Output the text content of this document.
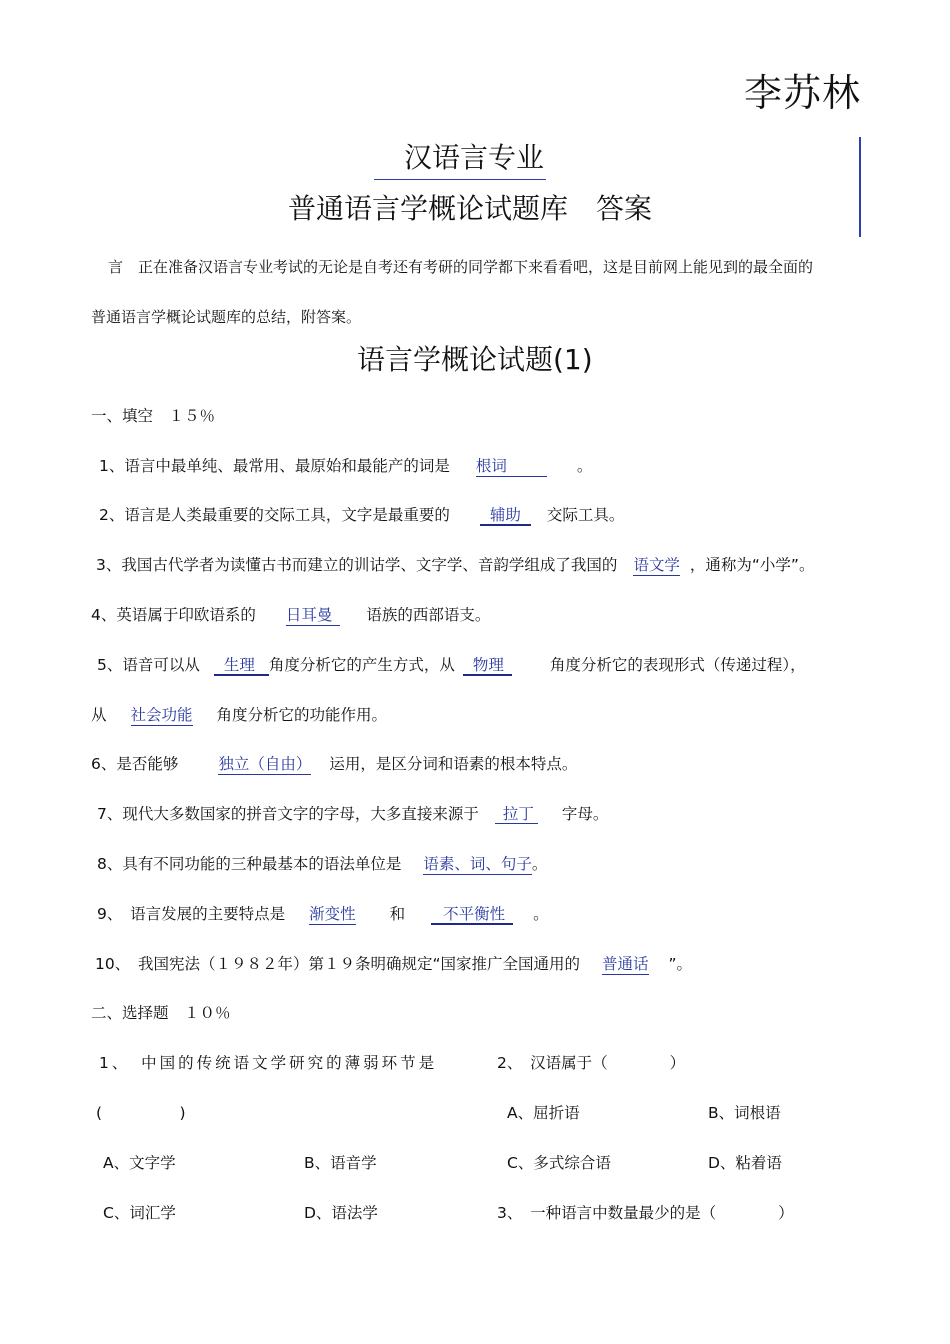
李苏林
汉语言专业
普通语言学概论试题库　答案
言 正在准备汉语言专业考试的无论是自考还有考研的同学都下来看看吧，这是目前网上能见到的最全面的
普通语言学概论试题库的总结，附答案。
语言学概论试题(1)
一、填空　１５％
1、语言中最单纯、最常用、最原始和最能产的词是 根词	。
2、语言是人类最重要的交际工具，文字是最重要的	辅助 交际工具。
3、我国古代学者为读懂古书而建立的训诂学、文字学、音韵学组成了我国的 语文学 ，通称为“小学”。
4、英语属于印欧语系的 日耳曼 语族的西部语支。
5、语音可以从 生理 角度分析它的产生方式，从 物理	角度分析它的表现形式（传递过程），
从 社会功能 角度分析它的功能作用。
6、是否能够	独立（自由） 运用，是区分词和语素的根本特点。
7、现代大多数国家的拼音文字的字母，大多直接来源于 拉丁 字母。
8、具有不同功能的三种最基本的语法单位是 语素、词、句子。
9、　语言发展的主要特点是 渐变性 和 不平衡性 。
10、　我国宪法（１９８２年）第１９条明确规定“国家推广全国通用的 普通话 ”。
二、选择题　１０％
1、　中国的传统语文学研究的薄弱环节是
(　　　　　)
A、文字学	B、语音学
C、词汇学	D、语法学
2、　汉语属于（　　　　）
A、屈折语	B、词根语
C、多式综合语	D、粘着语
3、　一种语言中数量最少的是（　　　　）
